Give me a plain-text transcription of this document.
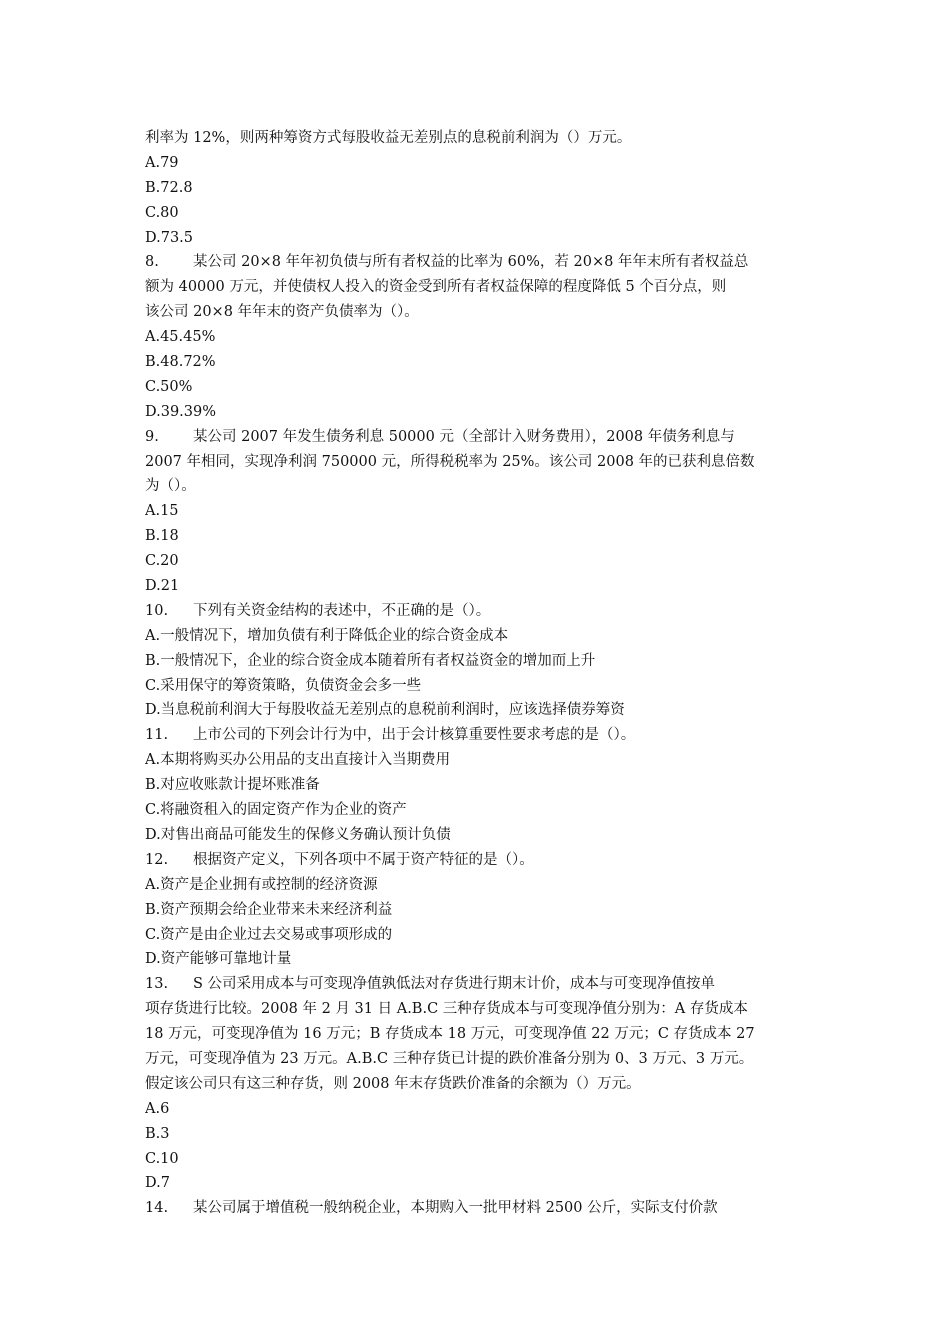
利率为 12%，则两种筹资方式每股收益无差别点的息税前利润为（）万元。
A.79
B.72.8
C.80
D.73.5
8. 某公司 20×8 年年初负债与所有者权益的比率为 60%，若 20×8 年年末所有者权益总
额为 40000 万元，并使债权人投入的资金受到所有者权益保障的程度降低 5 个百分点，则
该公司 20×8 年年末的资产负债率为（）。
A.45.45%
B.48.72%
C.50%
D.39.39%
9. 某公司 2007 年发生债务利息 50000 元（全部计入财务费用），2008 年债务利息与
2007 年相同，实现净利润 750000 元，所得税税率为 25%。该公司 2008 年的已获利息倍数
为（）。
A.15
B.18
C.20
D.21
10. 下列有关资金结构的表述中，不正确的是（）。
A.一般情况下，增加负债有利于降低企业的综合资金成本
B.一般情况下，企业的综合资金成本随着所有者权益资金的增加而上升
C.采用保守的筹资策略，负债资金会多一些
D.当息税前利润大于每股收益无差别点的息税前利润时，应该选择债券筹资
11. 上市公司的下列会计行为中，出于会计核算重要性要求考虑的是（）。
A.本期将购买办公用品的支出直接计入当期费用
B.对应收账款计提坏账准备
C.将融资租入的固定资产作为企业的资产
D.对售出商品可能发生的保修义务确认预计负债
12. 根据资产定义，下列各项中不属于资产特征的是（）。
A.资产是企业拥有或控制的经济资源
B.资产预期会给企业带来未来经济利益
C.资产是由企业过去交易或事项形成的
D.资产能够可靠地计量
13. S 公司采用成本与可变现净值孰低法对存货进行期末计价，成本与可变现净值按单
项存货进行比较。2008 年 2 月 31 日 A.B.C 三种存货成本与可变现净值分别为：A 存货成本
18 万元，可变现净值为 16 万元；B 存货成本 18 万元，可变现净值 22 万元；C 存货成本 27
万元，可变现净值为 23 万元。A.B.C 三种存货已计提的跌价准备分别为 0、3 万元、3 万元。
假定该公司只有这三种存货，则 2008 年末存货跌价准备的余额为（）万元。
A.6
B.3
C.10
D.7
14. 某公司属于增值税一般纳税企业，本期购入一批甲材料 2500 公斤，实际支付价款
